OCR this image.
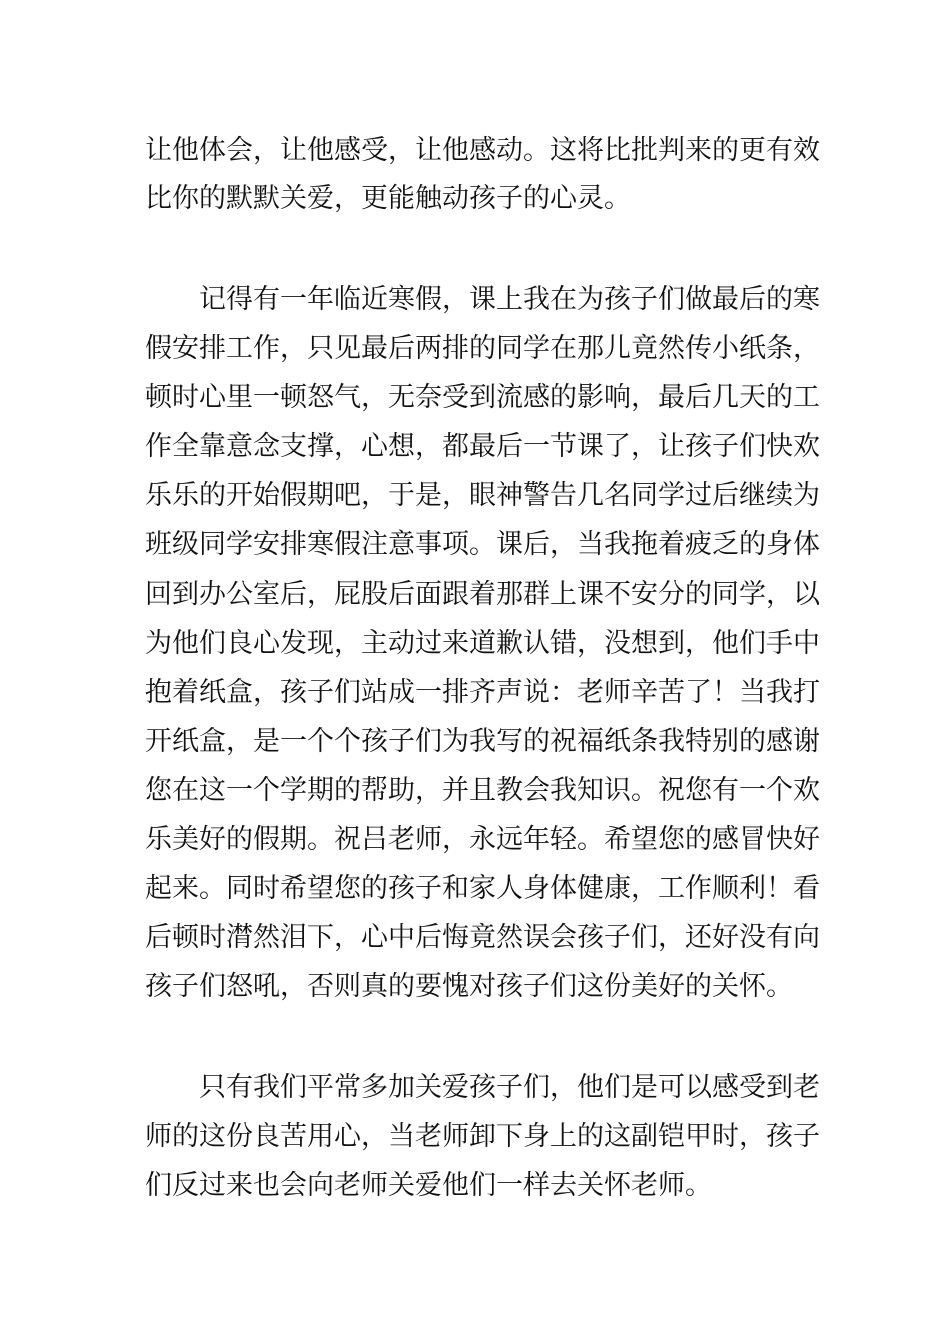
让他体会，让他感受，让他感动。这将比批判来的更有效
比你的默默关爱，更能触动孩子的心灵。
记得有一年临近寒假，课上我在为孩子们做最后的寒
假安排工作，只见最后两排的同学在那儿竟然传小纸条，
顿时心里一顿怒气，无奈受到流感的影响，最后几天的工
作全靠意念支撑，心想，都最后一节课了，让孩子们快欢
乐乐的开始假期吧，于是，眼神警告几名同学过后继续为
班级同学安排寒假注意事项。课后，当我拖着疲乏的身体
回到办公室后，屁股后面跟着那群上课不安分的同学，以
为他们良心发现，主动过来道歉认错，没想到，他们手中
抱着纸盒，孩子们站成一排齐声说：老师辛苦了！当我打
开纸盒，是一个个孩子们为我写的祝福纸条我特别的感谢
您在这一个学期的帮助，并且教会我知识。祝您有一个欢
乐美好的假期。祝吕老师，永远年轻。希望您的感冒快好
起来。同时希望您的孩子和家人身体健康，工作顺利！看
后顿时潸然泪下，心中后悔竟然误会孩子们，还好没有向
孩子们怒吼，否则真的要愧对孩子们这份美好的关怀。
只有我们平常多加关爱孩子们，他们是可以感受到老
师的这份良苦用心，当老师卸下身上的这副铠甲时，孩子
们反过来也会向老师关爱他们一样去关怀老师。
